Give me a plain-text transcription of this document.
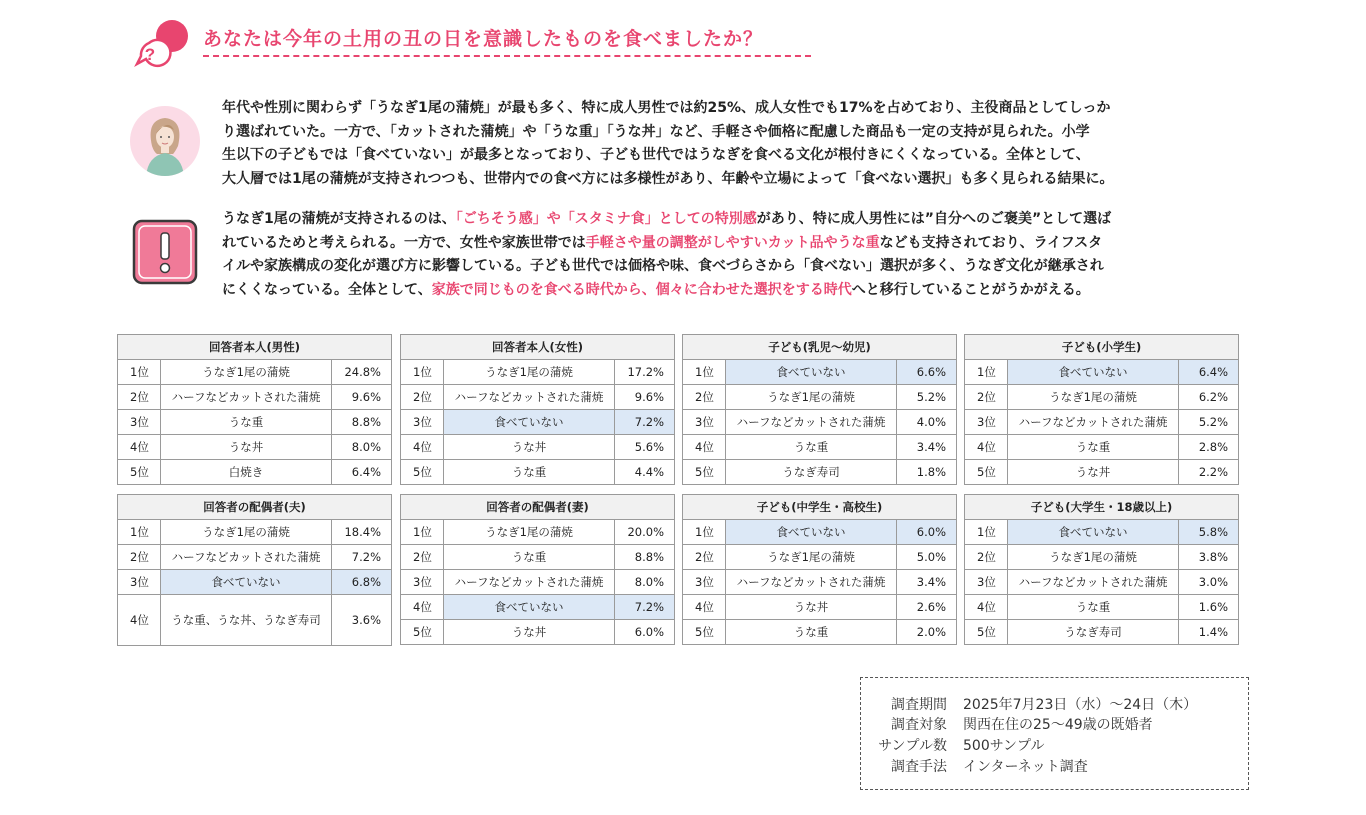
?
あなたは今年の土用の丑の日を意識したものを食べましたか？
年代や性別に関わらず「うなぎ1尾の蒲焼」が最も多く、特に成人男性では約25%、成人女性でも17%を占めており、主役商品としてしっか
り選ばれていた。一方で、「カットされた蒲焼」や「うな重」「うな丼」など、手軽さや価格に配慮した商品も一定の支持が見られた。小学
生以下の子どもでは「食べていない」が最多となっており、子ども世代ではうなぎを食べる文化が根付きにくくなっている。全体として、
大人層では1尾の蒲焼が支持されつつも、世帯内での食べ方には多様性があり、年齢や立場によって「食べない選択」も多く見られる結果に。
うなぎ1尾の蒲焼が支持されるのは、「ごちそう感」や「スタミナ食」としての特別感があり、特に成人男性には”自分へのご褒美”として選ば
れているためと考えられる。一方で、女性や家族世帯では手軽さや量の調整がしやすいカット品やうな重なども支持されており、ライフスタ
イルや家族構成の変化が選び方に影響している。子ども世代では価格や味、食べづらさから「食べない」選択が多く、うなぎ文化が継承され
にくくなっている。全体として、家族で同じものを食べる時代から、個々に合わせた選択をする時代へと移行していることがうかがえる。
回答者本人(男性)		
1位	うなぎ1尾の蒲焼	24.8%
2位	ハーフなどカットされた蒲焼	9.6%
3位	うな重	8.8%
4位	うな丼	8.0%
5位	白焼き	6.4%
回答者本人(女性)		
1位	うなぎ1尾の蒲焼	17.2%
2位	ハーフなどカットされた蒲焼	9.6%
3位	食べていない	7.2%
4位	うな丼	5.6%
5位	うな重	4.4%
子ども(乳児〜幼児)		
1位	食べていない	6.6%
2位	うなぎ1尾の蒲焼	5.2%
3位	ハーフなどカットされた蒲焼	4.0%
4位	うな重	3.4%
5位	うなぎ寿司	1.8%
子ども(小学生)		
1位	食べていない	6.4%
2位	うなぎ1尾の蒲焼	6.2%
3位	ハーフなどカットされた蒲焼	5.2%
4位	うな重	2.8%
5位	うな丼	2.2%
回答者の配偶者(夫)		
1位	うなぎ1尾の蒲焼	18.4%
2位	ハーフなどカットされた蒲焼	7.2%
3位	食べていない	6.8%
4位	うな重、うな丼、うなぎ寿司	3.6%
回答者の配偶者(妻)		
1位	うなぎ1尾の蒲焼	20.0%
2位	うな重	8.8%
3位	ハーフなどカットされた蒲焼	8.0%
4位	食べていない	7.2%
5位	うな丼	6.0%
子ども(中学生・高校生)		
1位	食べていない	6.0%
2位	うなぎ1尾の蒲焼	5.0%
3位	ハーフなどカットされた蒲焼	3.4%
4位	うな丼	2.6%
5位	うな重	2.0%
子ども(大学生・18歳以上)		
1位	食べていない	5.8%
2位	うなぎ1尾の蒲焼	3.8%
3位	ハーフなどカットされた蒲焼	3.0%
4位	うな重	1.6%
5位	うなぎ寿司	1.4%
調査期間 2025年7月23日（水）〜24日（木）
調査対象 関西在住の25〜49歳の既婚者
サンプル数 500サンプル
調査手法 インターネット調査
